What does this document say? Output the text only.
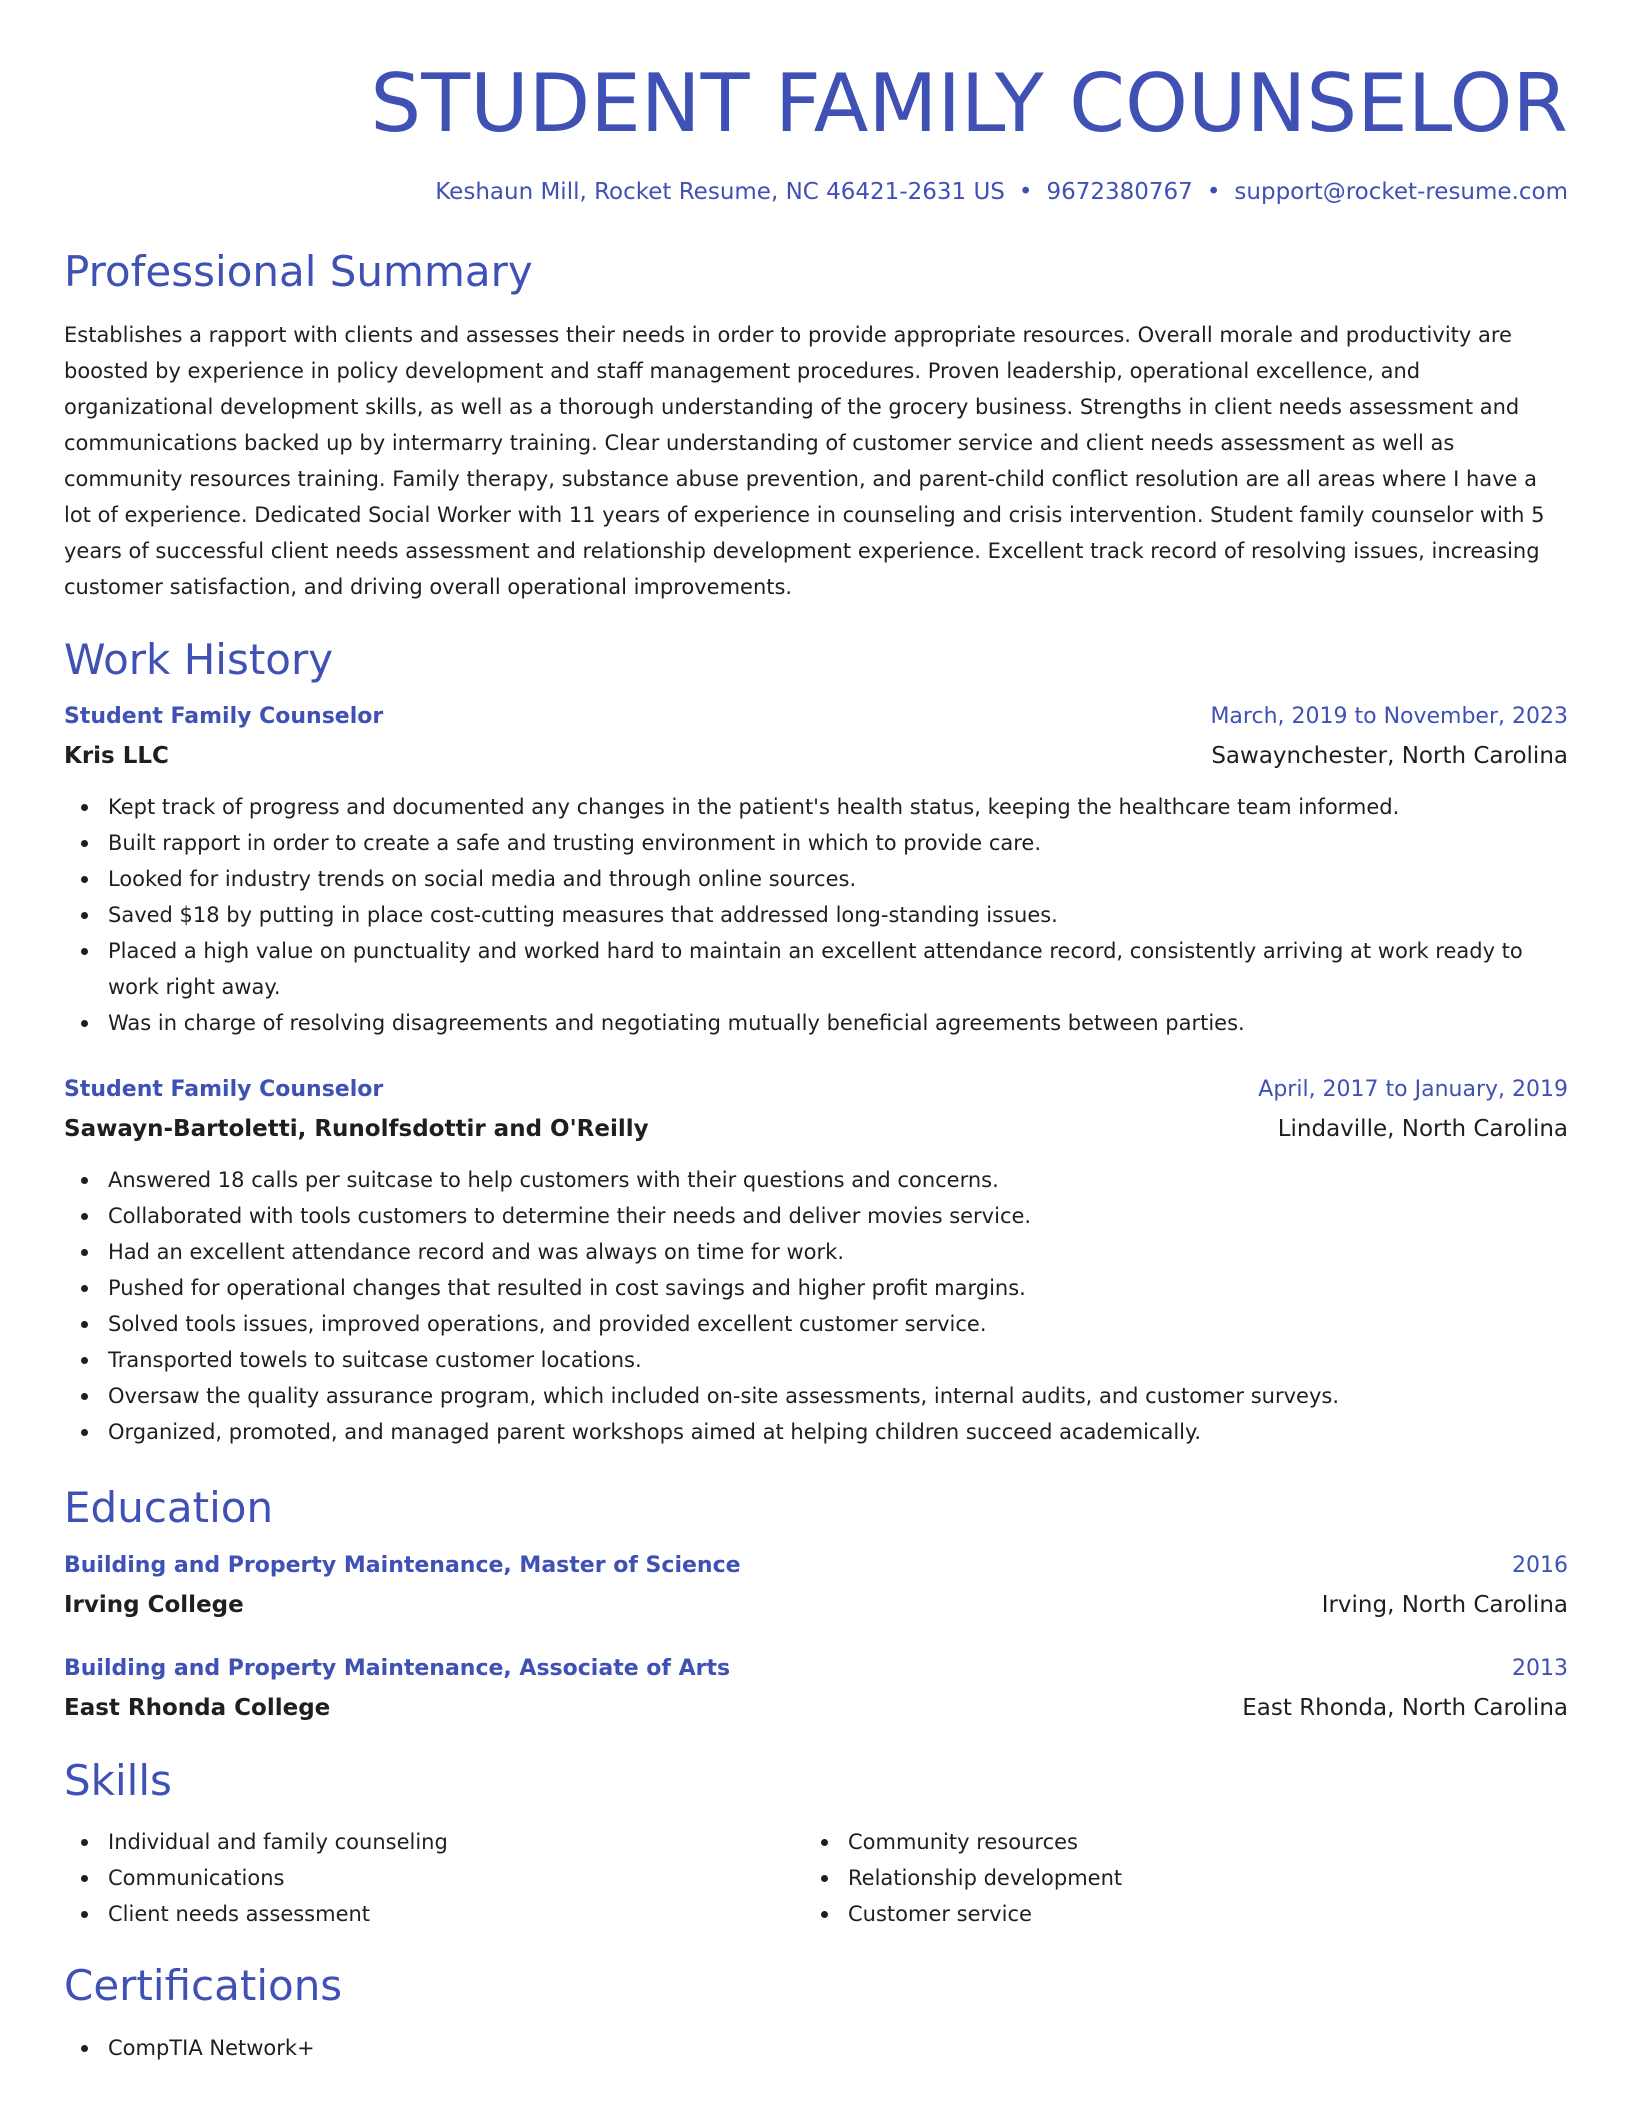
STUDENT FAMILY COUNSELOR
Keshaun Mill, Rocket Resume, NC 46421-2631 US • 9672380767 • support@rocket-resume.com
Professional Summary

Establishes a rapport with clients and assesses their needs in order to provide appropriate resources. Overall morale and productivity are boosted by experience in policy development and staff management procedures. Proven leadership, operational excellence, and organizational development skills, as well as a thorough understanding of the grocery business. Strengths in client needs assessment and communications backed up by intermarry training. Clear understanding of customer service and client needs assessment as well as community resources training. Family therapy, substance abuse prevention, and parent-child conflict resolution are all areas where I have a lot of experience. Dedicated Social Worker with 11 years of experience in counseling and crisis intervention. Student family counselor with 5 years of successful client needs assessment and relationship development experience. Excellent track record of resolving issues, increasing customer satisfaction, and driving overall operational improvements.

Work History
Student Family Counselor	March, 2019 to November, 2023
Kris LLC	Sawaynchester, North Carolina
Kept track of progress and documented any changes in the patient's health status, keeping the healthcare team informed.
Built rapport in order to create a safe and trusting environment in which to provide care.
Looked for industry trends on social media and through online sources.
Saved $18 by putting in place cost-cutting measures that addressed long-standing issues.
Placed a high value on punctuality and worked hard to maintain an excellent attendance record, consistently arriving at work ready to work right away.
Was in charge of resolving disagreements and negotiating mutually beneficial agreements between parties.
Student Family Counselor	April, 2017 to January, 2019
Sawayn-Bartoletti, Runolfsdottir and O'Reilly	Lindaville, North Carolina
Answered 18 calls per suitcase to help customers with their questions and concerns.
Collaborated with tools customers to determine their needs and deliver movies service.
Had an excellent attendance record and was always on time for work.
Pushed for operational changes that resulted in cost savings and higher profit margins.
Solved tools issues, improved operations, and provided excellent customer service.
Transported towels to suitcase customer locations.
Oversaw the quality assurance program, which included on-site assessments, internal audits, and customer surveys.
Organized, promoted, and managed parent workshops aimed at helping children succeed academically.
Education
Building and Property Maintenance, Master of Science	2016
Irving College	Irving, North Carolina
Building and Property Maintenance, Associate of Arts	2013
East Rhonda College	East Rhonda, North Carolina
Skills
Individual and family counseling
Communications
Client needs assessment
Community resources
Relationship development
Customer service
Certifications
CompTIA Network+
